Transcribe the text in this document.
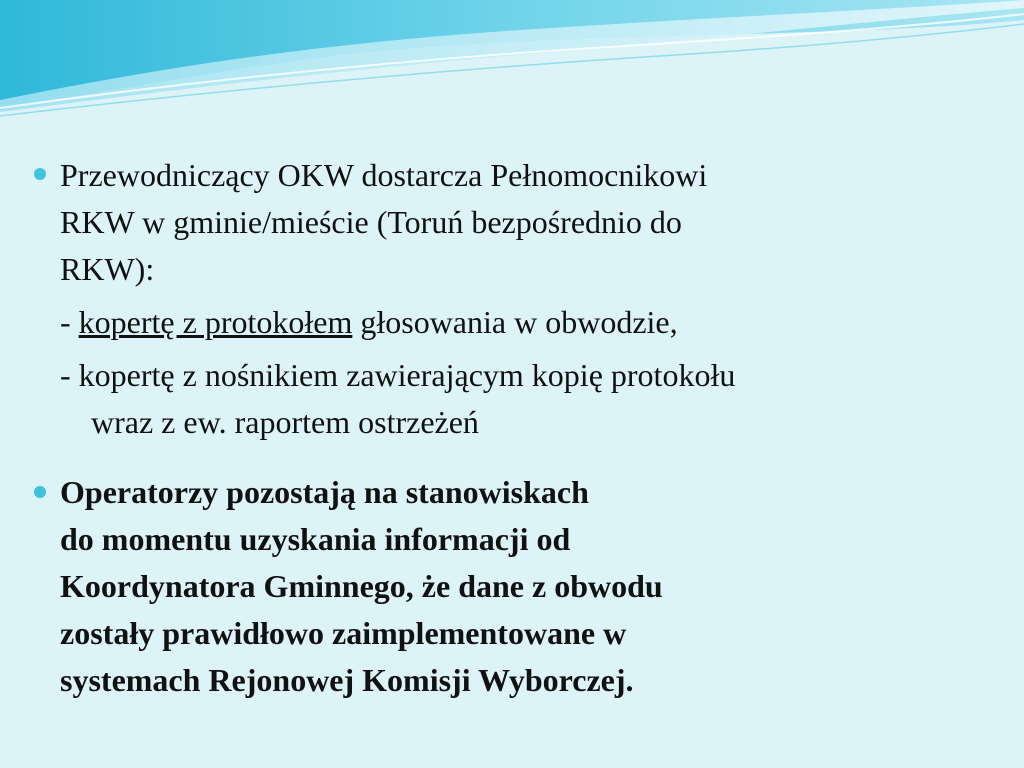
Przewodniczący OKW dostarcza Pełnomocnikowi
RKW w gminie/mieście (Toruń bezpośrednio do
RKW):
- kopertę z protokołem głosowania w obwodzie,
- kopertę z nośnikiem zawierającym kopię protokołu
wraz z ew. raportem ostrzeżeń
Operatorzy pozostają na stanowiskach
do momentu uzyskania informacji od
Koordynatora Gminnego, że dane z obwodu
zostały prawidłowo zaimplementowane w
systemach Rejonowej Komisji Wyborczej.
